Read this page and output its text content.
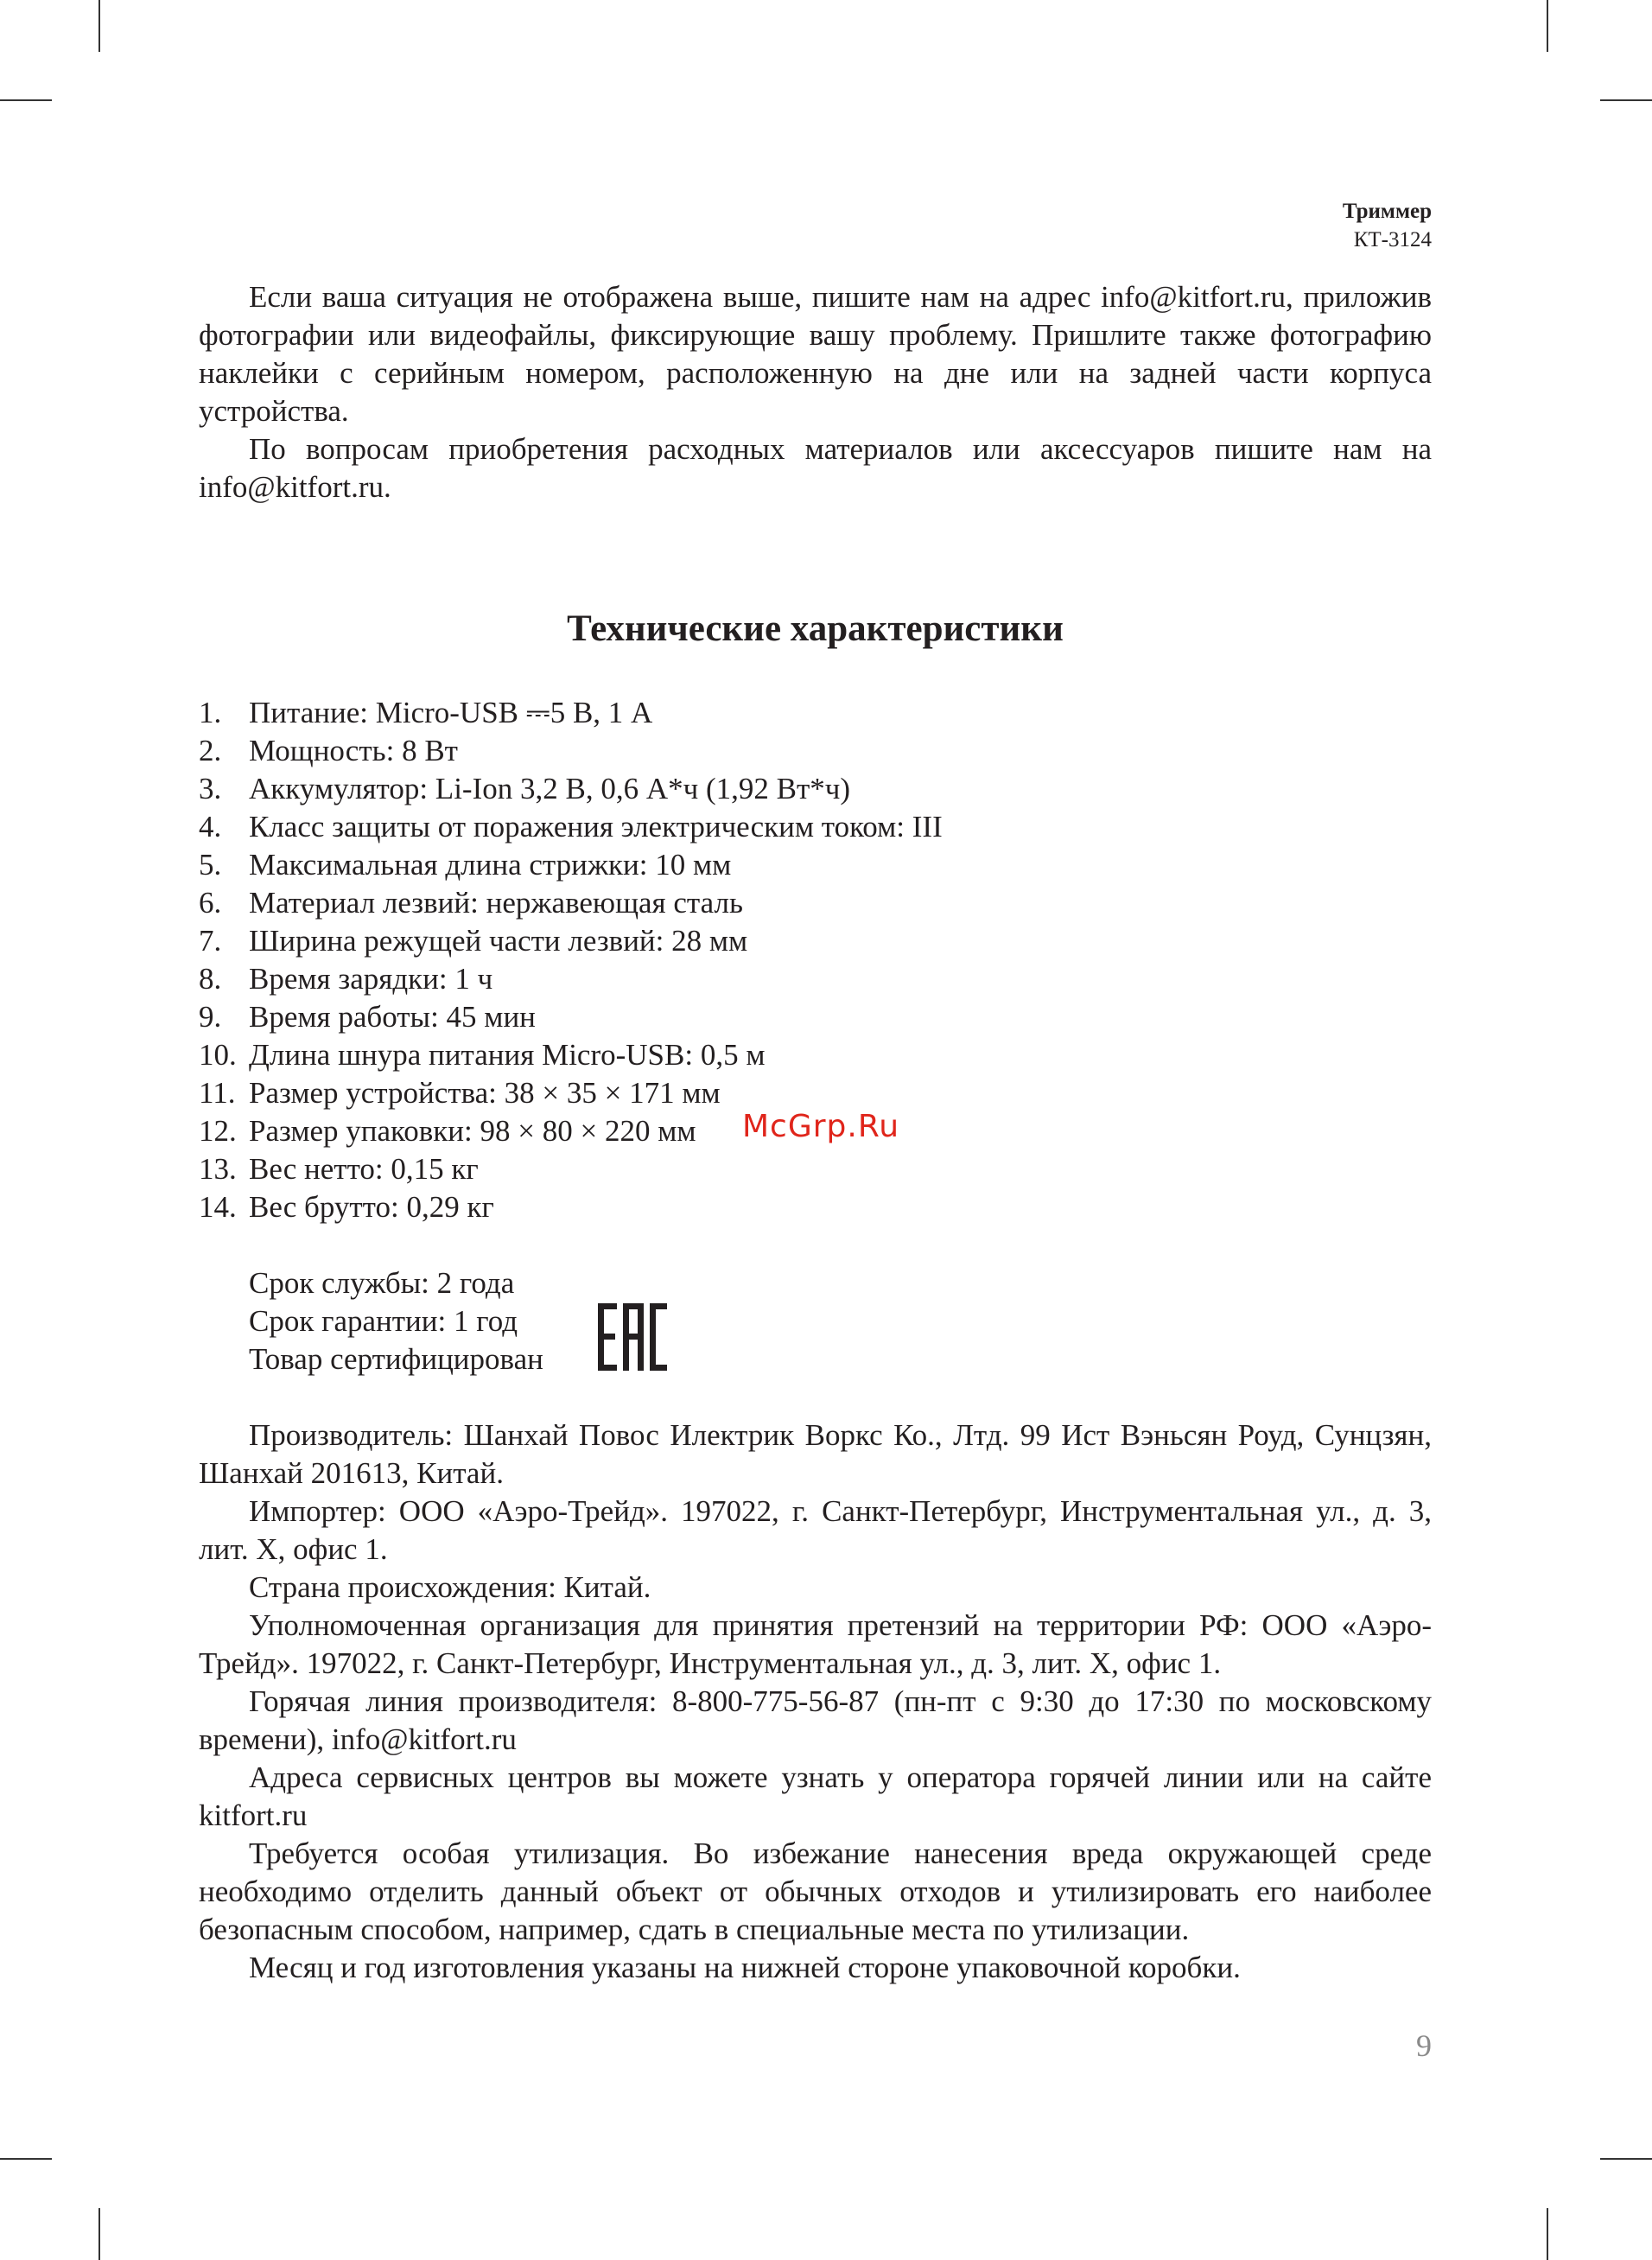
Триммер
КТ-3124

Если ваша ситуация не отображена выше, пишите нам на адрес info@kitfort.ru, приложив фотографии или видеофайлы, фиксирующие вашу проблему. Пришлите также фотографию наклейки с серийным номером, расположенную на дне или на задней части корпуса устройства.

По вопросам приобретения расходных материалов или аксессуаров пишите нам на info@kitfort.ru.

Технические характеристики
1. Питание: Micro-USB ⎓5 В, 1 А
2. Мощность: 8 Вт
3. Аккумулятор: Li-Ion 3,2 В, 0,6 А*ч (1,92 Вт*ч)
4. Класс защиты от поражения электрическим током: III
5. Максимальная длина стрижки: 10 мм
6. Материал лезвий: нержавеющая сталь
7. Ширина режущей части лезвий: 28 мм
8. Время зарядки: 1 ч
9. Время работы: 45 мин
10. Длина шнура питания Micro-USB: 0,5 м
11. Размер устройства: 38 × 35 × 171 мм
12. Размер упаковки: 98 × 80 × 220 мм
13. Вес нетто: 0,15 кг
14. Вес брутто: 0,29 кг
Срок службы: 2 года
Срок гарантии: 1 год
Товар сертифицирован

Производитель: Шанхай Повос Илектрик Воркс Ко., Лтд. 99 Ист Вэньсян Роуд, Сунцзян, Шанхай 201613, Китай.

Импортер: ООО «Аэро-Трейд». 197022, г. Санкт-Петербург, Инструментальная ул., д. 3, лит. Х, офис 1.

Страна происхождения: Китай.

Уполномоченная организация для принятия претензий на территории РФ: ООО «Аэро-Трейд». 197022, г. Санкт-Петербург, Инструментальная ул., д. 3, лит. Х, офис 1.

Горячая линия производителя: 8-800-775-56-87 (пн-пт с 9:30 до 17:30 по московскому времени), info@kitfort.ru

Адреса сервисных центров вы можете узнать у оператора горячей линии или на сайте kitfort.ru

Требуется особая утилизация. Во избежание нанесения вреда окружающей среде необходимо отделить данный объект от обычных отходов и утилизировать его наиболее безопасным способом, например, сдать в специальные места по утилизации.

Месяц и год изготовления указаны на нижней стороне упаковочной коробки.

McGrp.Ru
9
